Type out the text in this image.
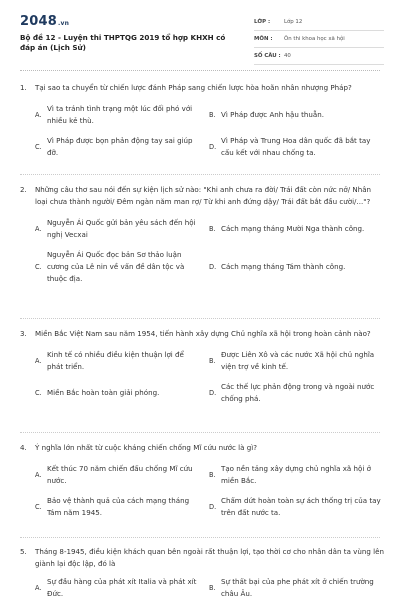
2048.vn
Bộ đề 12 - Luyện thi THPTQG 2019 tổ hợp KHXH có đáp án (Lịch Sử)
LỚP :	Lớp 12
MÔN : Ôn thi khoa học xã hội
SỐ CÂU : 40
1. Tại sao ta chuyển từ chiến lược đánh Pháp sang chiến lược hòa hoãn nhân nhượng Pháp?
A.
Vì ta tránh tình trạng một lúc đối phó với nhiều kẻ thù.
B. Vì Pháp được Anh hậu thuẫn.
C.
Vì Pháp được bọn phản động tay sai giúp đỡ.
D.
Vì Pháp và Trung Hoa dân quốc đã bắt tay cấu kết với nhau chống ta.
2. Những câu thơ sau nói đến sự kiện lịch sử nào: "Khi anh chưa ra đời/ Trái đất còn nức nở/ Nhân loại chưa thành người/ Đêm ngàn năm man rợ/ Từ khi anh đứng dậy/ Trái đất bắt đầu cười/..."?
A.
Nguyễn Ái Quốc gửi bản yêu sách đến hội nghị Vecxai
B. Cách mạng tháng Mười Nga thành công.
C.
Nguyễn Ái Quốc đọc bản Sơ thảo luận cương của Lê nin về vấn đề dân tộc và thuộc địa.
D. Cách mạng tháng Tám thành công.
3. Miền Bắc Việt Nam sau năm 1954, tiến hành xây dựng Chủ nghĩa xã hội trong hoàn cảnh nào?
A.
Kinh tế có nhiều điều kiện thuận lợi để phát triển.
B.
Được Liên Xô và các nước Xã hội chủ nghĩa viện trợ về kinh tế.
C. Miền Bắc hoàn toàn giải phóng.	D.
Các thế lực phản động trong và ngoài nước chống phá.
4. Ý nghĩa lớn nhất từ cuộc kháng chiến chống Mĩ cứu nước là gì?
A.
Kết thúc 70 năm chiến đấu chống Mĩ cứu nước.
B.
Tạo nền tảng xây dựng chủ nghĩa xã hội ở miền Bắc.
C.
Bảo vệ thành quả của cách mạng tháng Tám năm 1945.
D.
Chấm dứt hoàn toàn sự ách thống trị của tay trên đất nước ta.
5. Tháng 8-1945, điều kiện khách quan bên ngoài rất thuận lợi, tạo thời cơ cho nhân dân ta vùng lên giành lại độc lập, đó là
A.
Sự đầu hàng của phát xít Italia và phát xít Đức.
B.
Sự thất bại của phe phát xít ở chiến trường châu Âu.
